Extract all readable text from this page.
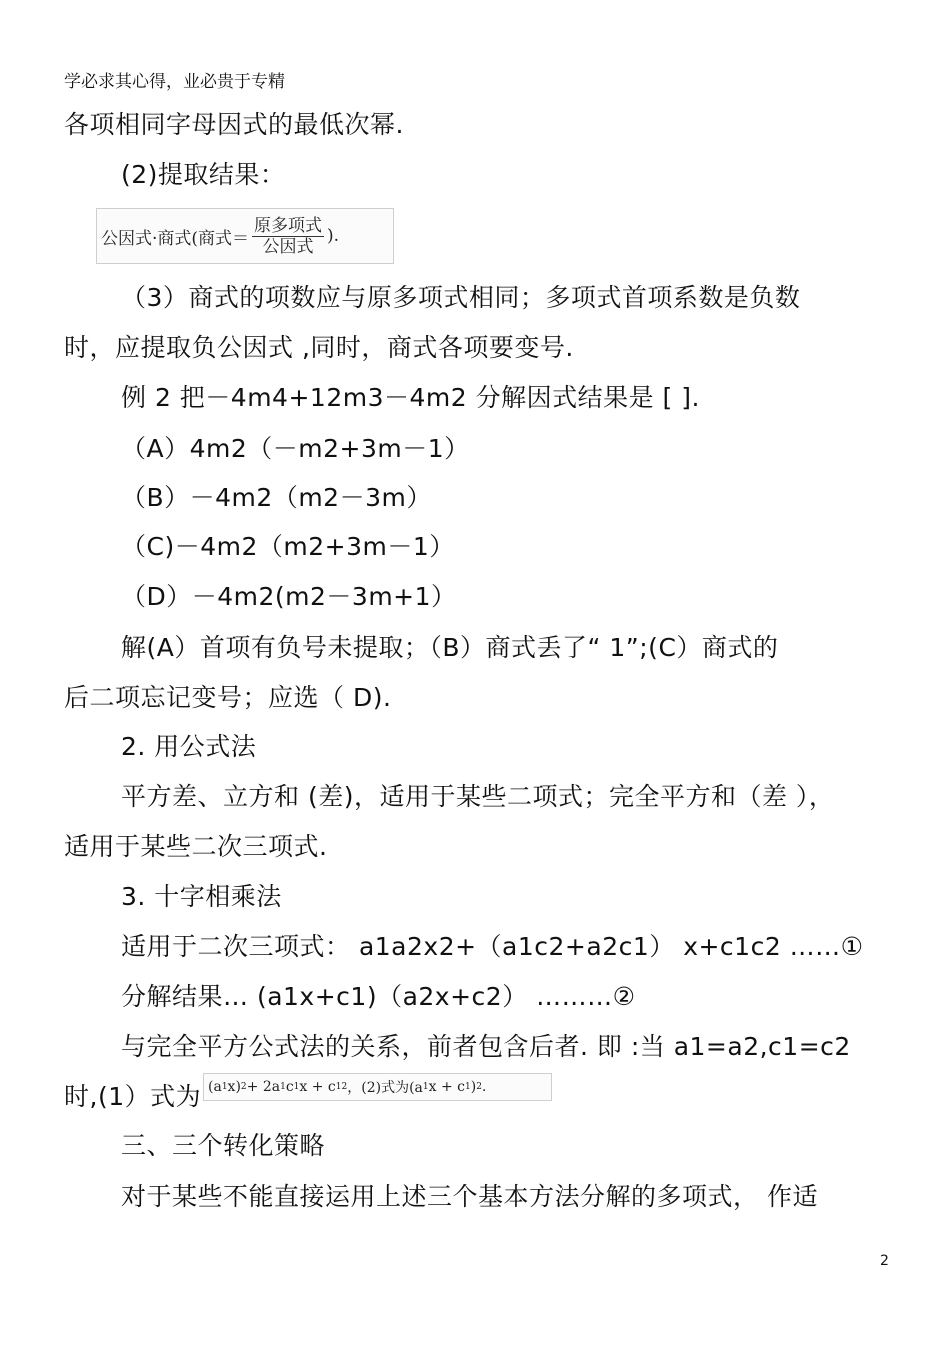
学必求其心得，业必贵于专精
各项相同字母因式的最低次幂.
(2)提取结果：
公因式·商式(商式＝ $\frac{\text{原多项式}}{\text{公因式}}$ ).
（3）商式的项数应与原多项式相同；多项式首项系数是负数
时，应提取负公因式 ,同时，商式各项要变号.
例 2 把－4m4+12m3－4m2 分解因式结果是 [ ].
（A）4m2（－m2+3m－1）
（B）－4m2（m2－3m）
（C)－4m2（m2+3m－1）
（D）－4m2(m2－3m+1）
解(A）首项有负号未提取；（B）商式丢了“ 1”;(C）商式的
后二项忘记变号；应选（ D).
2. 用公式法
平方差、立方和 (差)，适用于某些二项式；完全平方和（差 ），
适用于某些二次三项式.
3. 十字相乘法
适用于二次三项式： a1a2x2+（a1c2+a2c1） x+c1c2 ……①
分解结果… (a1x+c1)（a2x+c2） ………②
与完全平方公式法的关系，前者包含后者. 即 :当 a1=a2,c1=c2
时,(1）式为 (a 1 x) 2 + 2a 1 c 1 x + c 1 2 ，(2)式为(a 1 x + c 1 ) 2 .
三、三个转化策略
对于某些不能直接运用上述三个基本方法分解的多项式， 作适
2
